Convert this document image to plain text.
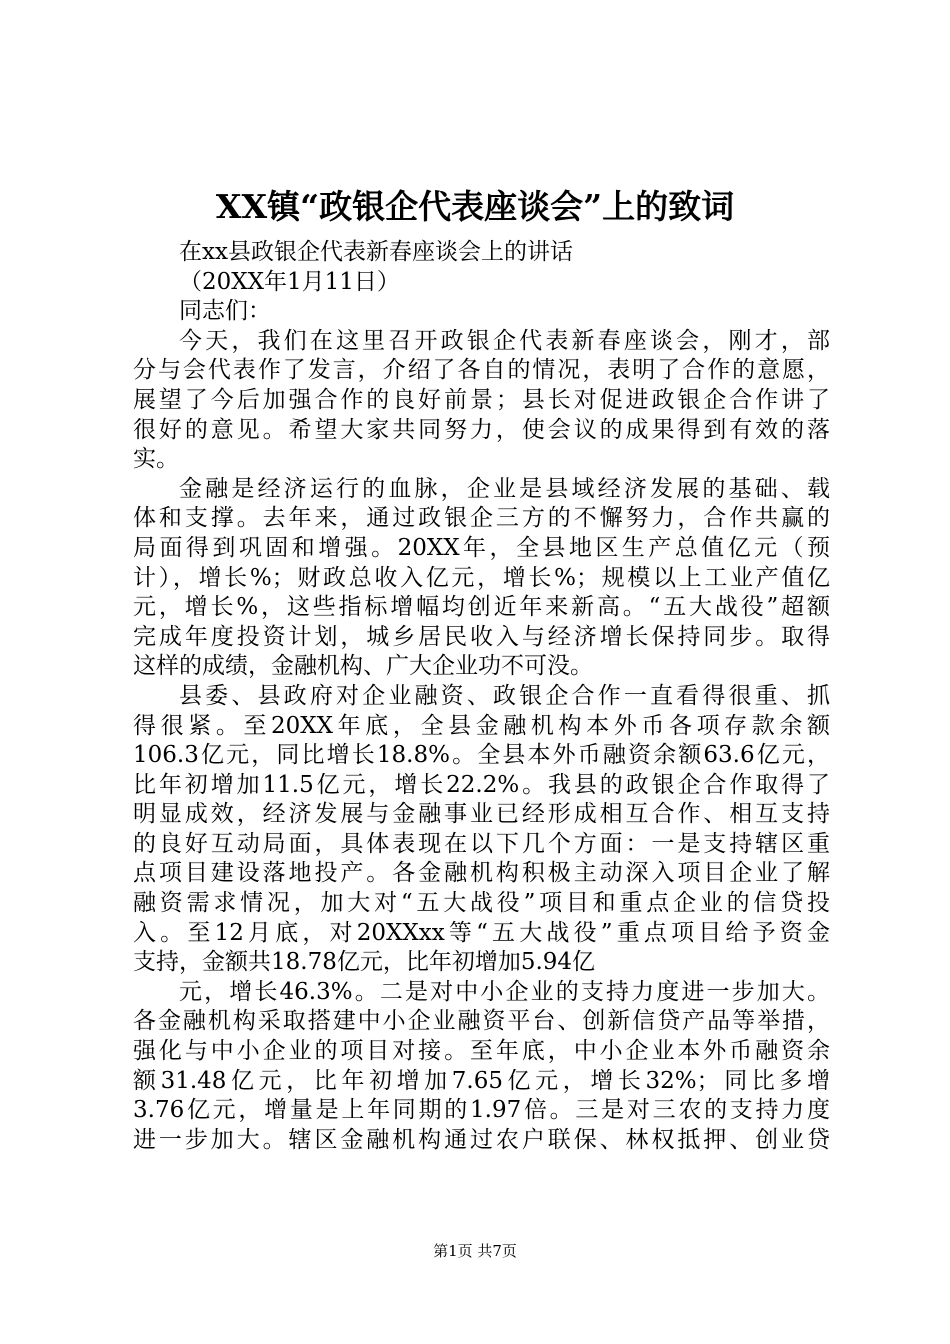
XX镇“政银企代表座谈会”上的致词
在xx县政银企代表新春座谈会上的讲话
（20XX年1月11日）
同志们：
今天，我们在这里召开政银企代表新春座谈会，刚才，部
分与会代表作了发言，介绍了各自的情况，表明了合作的意愿，
展望了今后加强合作的良好前景；县长对促进政银企合作讲了
很好的意见。希望大家共同努力，使会议的成果得到有效的落
实。
金融是经济运行的血脉，企业是县域经济发展的基础、载
体和支撑。去年来，通过政银企三方的不懈努力，合作共赢的
局面得到巩固和增强。20XX年，全县地区生产总值亿元（预
计），增长%；财政总收入亿元，增长%；规模以上工业产值亿
元，增长%，这些指标增幅均创近年来新高。“五大战役”超额
完成年度投资计划，城乡居民收入与经济增长保持同步。取得
这样的成绩，金融机构、广大企业功不可没。
县委、县政府对企业融资、政银企合作一直看得很重、抓
得很紧。至20XX年底，全县金融机构本外币各项存款余额
106.3亿元，同比增长18.8%。全县本外币融资余额63.6亿元，
比年初增加11.5亿元，增长22.2%。我县的政银企合作取得了
明显成效，经济发展与金融事业已经形成相互合作、相互支持
的良好互动局面，具体表现在以下几个方面：一是支持辖区重
点项目建设落地投产。各金融机构积极主动深入项目企业了解
融资需求情况，加大对“五大战役”项目和重点企业的信贷投
入。至12月底，对20XXxx等“五大战役”重点项目给予资金
支持，金额共18.78亿元，比年初增加5.94亿
元，增长46.3%。二是对中小企业的支持力度进一步加大。
各金融机构采取搭建中小企业融资平台、创新信贷产品等举措，
强化与中小企业的项目对接。至年底，中小企业本外币融资余
额31.48亿元，比年初增加7.65亿元，增长32%；同比多增
3.76亿元，增量是上年同期的1.97倍。三是对三农的支持力度
进一步加大。辖区金融机构通过农户联保、林权抵押、创业贷
第1页 共7页
